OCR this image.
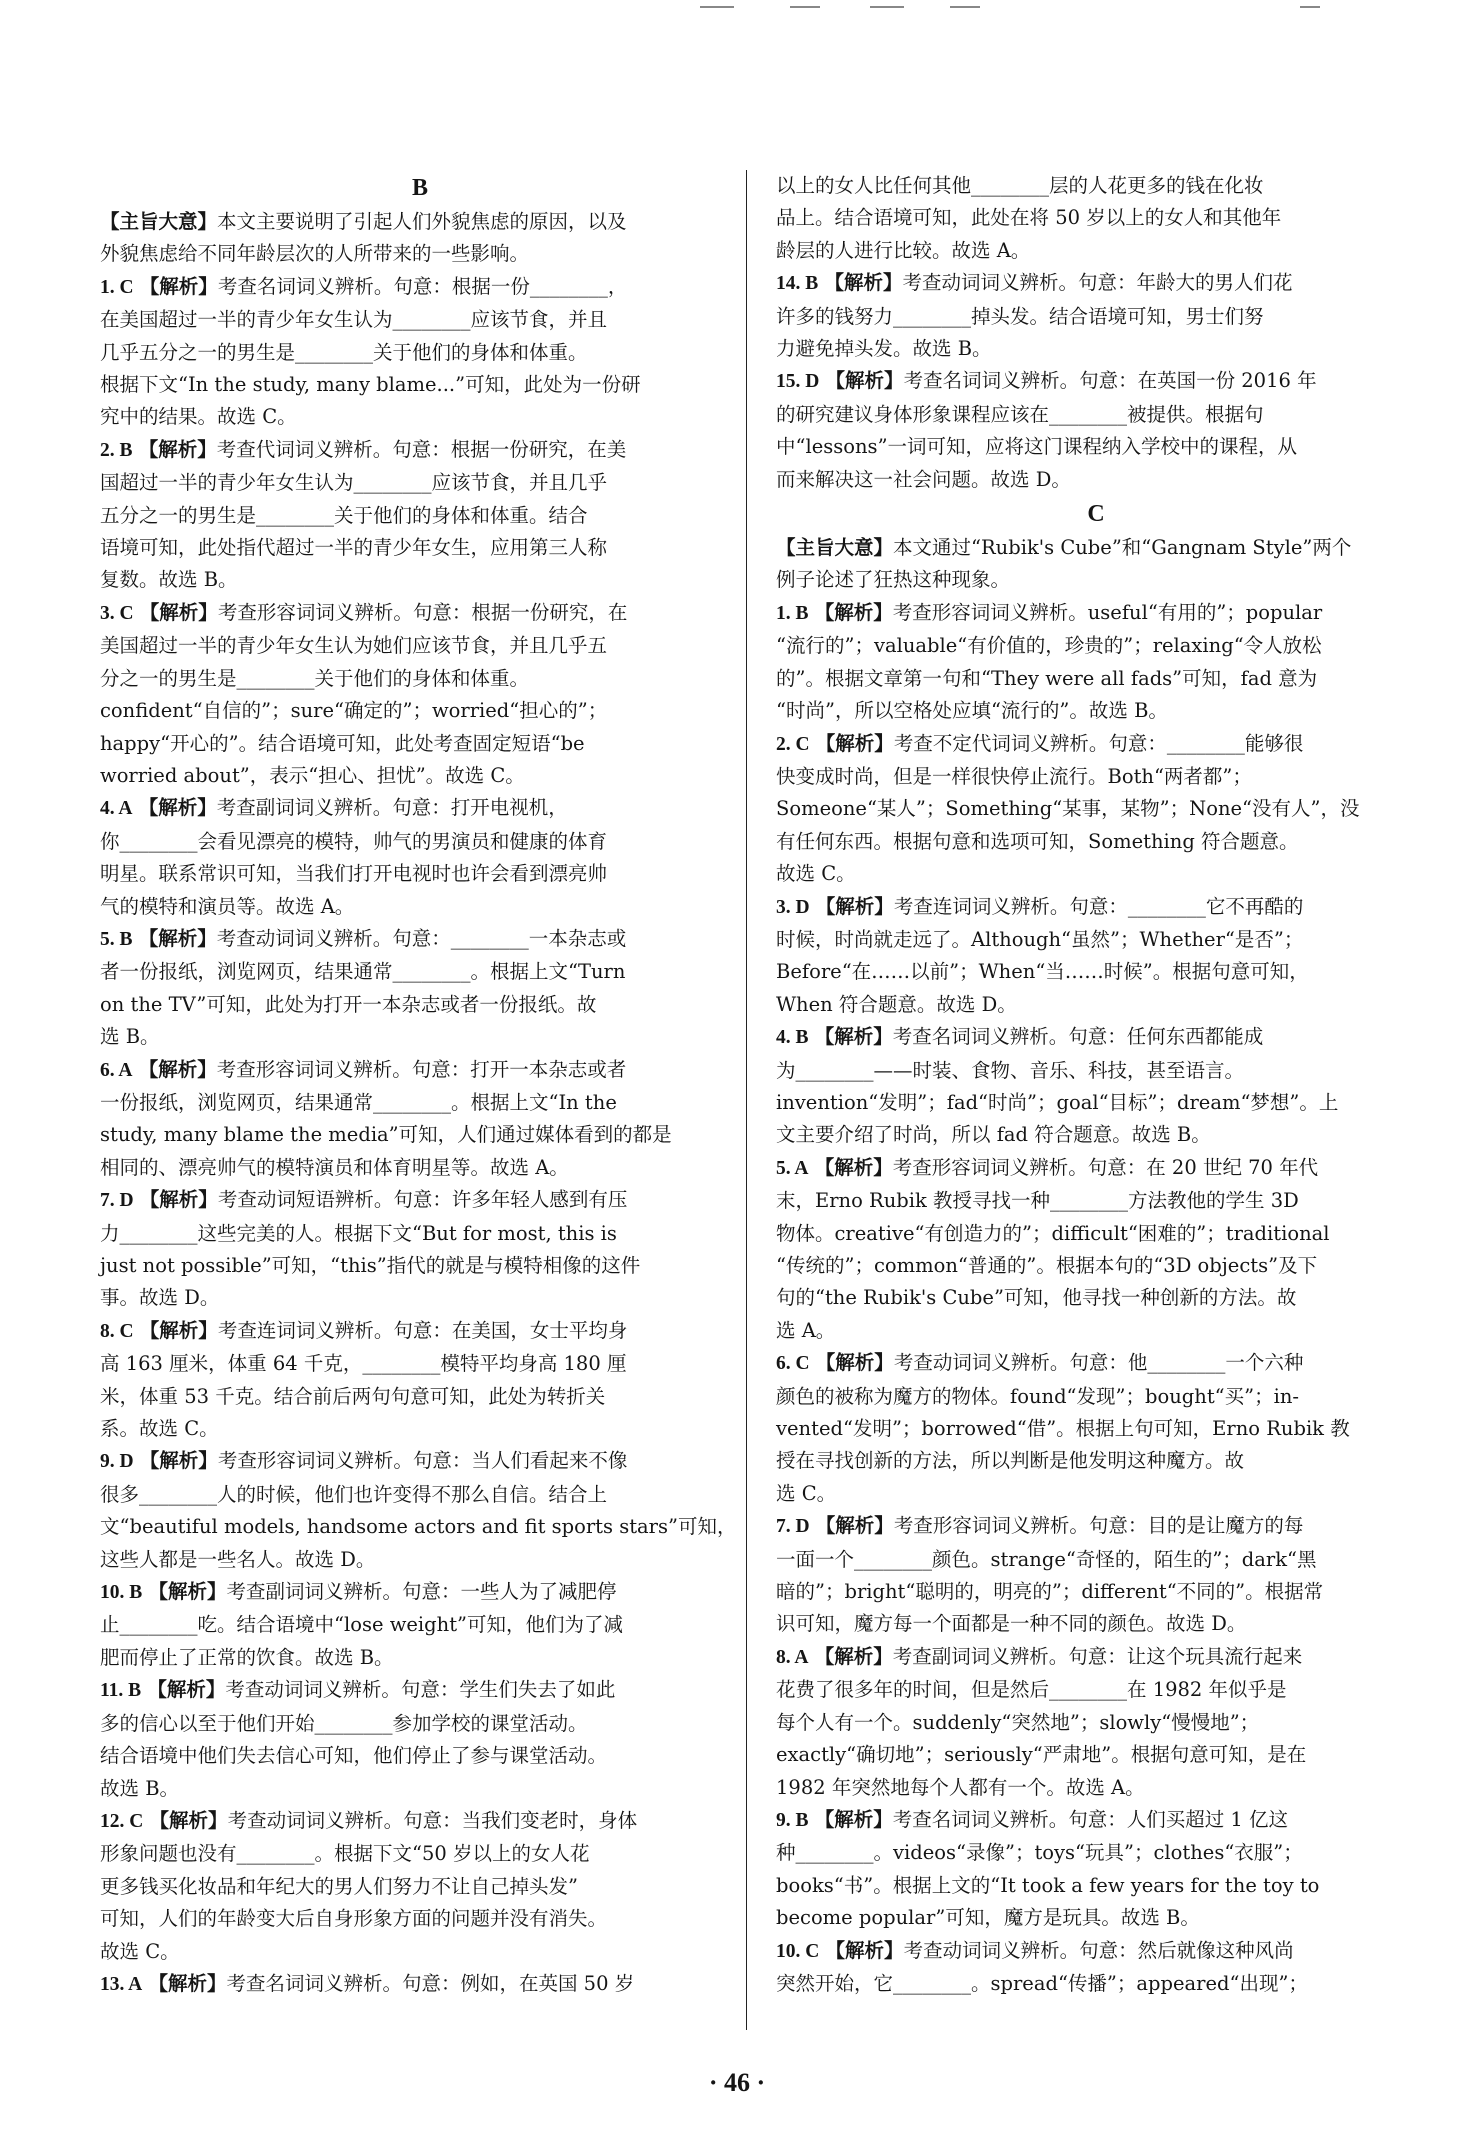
B

【主旨大意】本文主要说明了引起人们外貌焦虑的原因，以及
外貌焦虑给不同年龄层次的人所带来的一些影响。

1. C 【解析】考查名词词义辨析。句意：根据一份________，
在美国超过一半的青少年女生认为________应该节食，并且
几乎五分之一的男生是________关于他们的身体和体重。
根据下文“In the study, many blame...”可知，此处为一份研
究中的结果。故选 C。

2. B 【解析】考查代词词义辨析。句意：根据一份研究，在美
国超过一半的青少年女生认为________应该节食，并且几乎
五分之一的男生是________关于他们的身体和体重。结合
语境可知，此处指代超过一半的青少年女生，应用第三人称
复数。故选 B。

3. C 【解析】考查形容词词义辨析。句意：根据一份研究，在
美国超过一半的青少年女生认为她们应该节食，并且几乎五
分之一的男生是________关于他们的身体和体重。
confident“自信的”；sure“确定的”；worried“担心的”；
happy“开心的”。结合语境可知，此处考查固定短语“be
worried about”，表示“担心、担忧”。故选 C。

4. A 【解析】考查副词词义辨析。句意：打开电视机，
你________会看见漂亮的模特，帅气的男演员和健康的体育
明星。联系常识可知，当我们打开电视时也许会看到漂亮帅
气的模特和演员等。故选 A。

5. B 【解析】考查动词词义辨析。句意：________一本杂志或
者一份报纸，浏览网页，结果通常________。根据上文“Turn
on the TV”可知，此处为打开一本杂志或者一份报纸。故
选 B。

6. A 【解析】考查形容词词义辨析。句意：打开一本杂志或者
一份报纸，浏览网页，结果通常________。根据上文“In the
study, many blame the media”可知，人们通过媒体看到的都是
相同的、漂亮帅气的模特演员和体育明星等。故选 A。

7. D 【解析】考查动词短语辨析。句意：许多年轻人感到有压
力________这些完美的人。根据下文“But for most, this is
just not possible”可知，“this”指代的就是与模特相像的这件
事。故选 D。

8. C 【解析】考查连词词义辨析。句意：在美国，女士平均身
高 163 厘米，体重 64 千克，________模特平均身高 180 厘
米，体重 53 千克。结合前后两句句意可知，此处为转折关
系。故选 C。

9. D 【解析】考查形容词词义辨析。句意：当人们看起来不像
很多________人的时候，他们也许变得不那么自信。结合上
文“beautiful models, handsome actors and fit sports stars”可知，
这些人都是一些名人。故选 D。

10. B 【解析】考查副词词义辨析。句意：一些人为了减肥停
止________吃。结合语境中“lose weight”可知，他们为了减
肥而停止了正常的饮食。故选 B。

11. B 【解析】考查动词词义辨析。句意：学生们失去了如此
多的信心以至于他们开始________参加学校的课堂活动。
结合语境中他们失去信心可知，他们停止了参与课堂活动。
故选 B。

12. C 【解析】考查动词词义辨析。句意：当我们变老时，身体
形象问题也没有________。根据下文“50 岁以上的女人花
更多钱买化妆品和年纪大的男人们努力不让自己掉头发”
可知，人们的年龄变大后自身形象方面的问题并没有消失。
故选 C。

13. A 【解析】考查名词词义辨析。句意：例如，在英国 50 岁

以上的女人比任何其他________层的人花更多的钱在化妆
品上。结合语境可知，此处在将 50 岁以上的女人和其他年
龄层的人进行比较。故选 A。

14. B 【解析】考查动词词义辨析。句意：年龄大的男人们花
许多的钱努力________掉头发。结合语境可知，男士们努
力避免掉头发。故选 B。

15. D 【解析】考查名词词义辨析。句意：在英国一份 2016 年
的研究建议身体形象课程应该在________被提供。根据句
中“lessons”一词可知，应将这门课程纳入学校中的课程，从
而来解决这一社会问题。故选 D。

C

【主旨大意】本文通过“Rubik's Cube”和“Gangnam Style”两个
例子论述了狂热这种现象。

1. B 【解析】考查形容词词义辨析。useful“有用的”；popular
“流行的”；valuable“有价值的，珍贵的”；relaxing“令人放松
的”。根据文章第一句和“They were all fads”可知，fad 意为
“时尚”，所以空格处应填“流行的”。故选 B。

2. C 【解析】考查不定代词词义辨析。句意：________能够很
快变成时尚，但是一样很快停止流行。Both“两者都”；
Someone“某人”；Something“某事，某物”；None“没有人”，没
有任何东西。根据句意和选项可知，Something 符合题意。
故选 C。

3. D 【解析】考查连词词义辨析。句意：________它不再酷的
时候，时尚就走远了。Although“虽然”；Whether“是否”；
Before“在……以前”；When“当……时候”。根据句意可知，
When 符合题意。故选 D。

4. B 【解析】考查名词词义辨析。句意：任何东西都能成
为________——时装、食物、音乐、科技，甚至语言。
invention“发明”；fad“时尚”；goal“目标”；dream“梦想”。上
文主要介绍了时尚，所以 fad 符合题意。故选 B。

5. A 【解析】考查形容词词义辨析。句意：在 20 世纪 70 年代
末，Erno Rubik 教授寻找一种________方法教他的学生 3D
物体。creative“有创造力的”；difficult“困难的”；traditional
“传统的”；common“普通的”。根据本句的“3D objects”及下
句的“the Rubik's Cube”可知，他寻找一种创新的方法。故
选 A。

6. C 【解析】考查动词词义辨析。句意：他________一个六种
颜色的被称为魔方的物体。found“发现”；bought“买”；in-
vented“发明”；borrowed“借”。根据上句可知，Erno Rubik 教
授在寻找创新的方法，所以判断是他发明这种魔方。故
选 C。

7. D 【解析】考查形容词词义辨析。句意：目的是让魔方的每
一面一个________颜色。strange“奇怪的，陌生的”；dark“黑
暗的”；bright“聪明的，明亮的”；different“不同的”。根据常
识可知，魔方每一个面都是一种不同的颜色。故选 D。

8. A 【解析】考查副词词义辨析。句意：让这个玩具流行起来
花费了很多年的时间，但是然后________在 1982 年似乎是
每个人有一个。suddenly“突然地”；slowly“慢慢地”；
exactly“确切地”；seriously“严肃地”。根据句意可知，是在
1982 年突然地每个人都有一个。故选 A。

9. B 【解析】考查名词词义辨析。句意：人们买超过 1 亿这
种________。videos“录像”；toys“玩具”；clothes“衣服”；
books“书”。根据上文的“It took a few years for the toy to
become popular”可知，魔方是玩具。故选 B。

10. C 【解析】考查动词词义辨析。句意：然后就像这种风尚
突然开始，它________。spread“传播”；appeared“出现”；

· 46 ·
